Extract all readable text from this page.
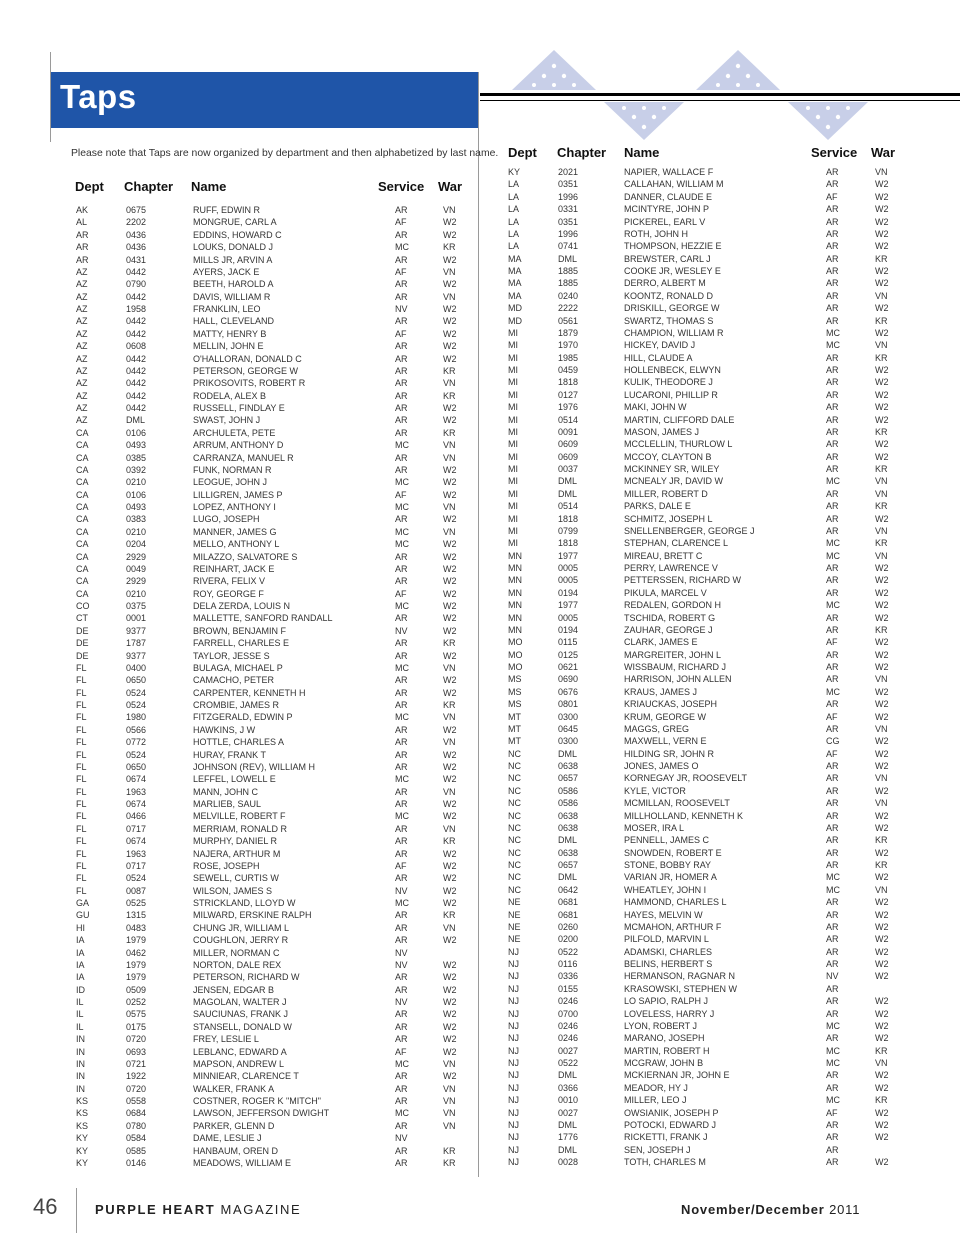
Taps
Please note that Taps are now organized by department and then alphabetized by last name.
Dept Chapter Name	Service War
AK	0675	RUFF, EDWIN R	AR	VN
AL	2202	MONGRUE, CARL A	AF	W2
AR	0436	EDDINS, HOWARD C	AR	W2
AR	0436	LOUKS, DONALD J	MC	KR
AR	0431	MILLS JR, ARVIN A	AR	W2
AZ	0442	AYERS, JACK E	AF	VN
AZ	0790	BEETH, HAROLD A	AR	W2
AZ	0442	DAVIS, WILLIAM R	AR	VN
AZ	1958	FRANKLIN, LEO	NV	W2
AZ	0442	HALL, CLEVELAND	AR	W2
AZ	0442	MATTY, HENRY B	AF	W2
AZ	0608	MELLIN, JOHN E	AR	W2
AZ	0442	O'HALLORAN, DONALD C	AR	W2
AZ	0442	PETERSON, GEORGE W	AR	KR
AZ	0442	PRIKOSOVITS, ROBERT R	AR	VN
AZ	0442	RODELA, ALEX B	AR	KR
AZ	0442	RUSSELL, FINDLAY E	AR	W2
AZ	DML	SWAST, JOHN J	AR	W2
CA	0106	ARCHULETA, PETE	AR	KR
CA	0493	ARRUM, ANTHONY D	MC	VN
CA	0385	CARRANZA, MANUEL R	AR	VN
CA	0392	FUNK, NORMAN R	AR	W2
CA	0210	LEOGUE, JOHN J	MC	W2
CA	0106	LILLIGREN, JAMES P	AF	W2
CA	0493	LOPEZ, ANTHONY I	MC	VN
CA	0383	LUGO, JOSEPH	AR	W2
CA	0210	MANNER, JAMES G	MC	VN
CA	0204	MELLO, ANTHONY L	MC	W2
CA	2929	MILAZZO, SALVATORE S	AR	W2
CA	0049	REINHART, JACK E	AR	W2
CA	2929	RIVERA, FELIX V	AR	W2
CA	0210	ROY, GEORGE F	AF	W2
CO	0375	DELA ZERDA, LOUIS N	MC	W2
CT	0001	MALLETTE, SANFORD RANDALL	AR	W2
DE	9377	BROWN, BENJAMIN F	NV	W2
DE	1787	FARRELL, CHARLES E	AR	KR
DE	9377	TAYLOR, JESSE S	AR	W2
FL	0400	BULAGA, MICHAEL P	MC	VN
FL	0650	CAMACHO, PETER	AR	W2
FL	0524	CARPENTER, KENNETH H	AR	W2
FL	0524	CROMBIE, JAMES R	AR	KR
FL	1980	FITZGERALD, EDWIN P	MC	VN
FL	0566	HAWKINS, J W	AR	W2
FL	0772	HOTTLE, CHARLES A	AR	VN
FL	0524	HURAY, FRANK T	AR	W2
FL	0650	JOHNSON (REV), WILLIAM H	AR	W2
FL	0674	LEFFEL, LOWELL E	MC	W2
FL	1963	MANN, JOHN C	AR	VN
FL	0674	MARLIEB, SAUL	AR	W2
FL	0466	MELVILLE, ROBERT F	MC	W2
FL	0717	MERRIAM, RONALD R	AR	VN
FL	0674	MURPHY, DANIEL R	AR	KR
FL	1963	NAJERA, ARTHUR M	AR	W2
FL	0717	ROSE, JOSEPH	AF	W2
FL	0524	SEWELL, CURTIS W	AR	W2
FL	0087	WILSON, JAMES S	NV	W2
GA	0525	STRICKLAND, LLOYD W	MC	W2
GU	1315	MILWARD, ERSKINE RALPH	AR	KR
HI	0483	CHUNG JR, WILLIAM L	AR	VN
IA	1979	COUGHLON, JERRY R	AR	W2
IA	0462	MILLER, NORMAN C	NV
IA	1979	NORTON, DALE REX	NV	W2
IA	1979	PETERSON, RICHARD W	AR	W2
ID	0509	JENSEN, EDGAR B	AR	W2
IL	0252	MAGOLAN, WALTER J	NV	W2
IL	0575	SAUCIUNAS, FRANK J	AR	W2
IL	0175	STANSELL, DONALD W	AR	W2
IN	0720	FREY, LESLIE L	AR	W2
IN	0693	LEBLANC, EDWARD A	AF	W2
IN	0721	MAPSON, ANDREW L	MC	VN
IN	1922	MINNIEAR, CLARENCE T	AR	W2
IN	0720	WALKER, FRANK A	AR	VN
KS	0558	COSTNER, ROGER K "MITCH"	AR	VN
KS	0684	LAWSON, JEFFERSON DWIGHT	MC	VN
KS	0780	PARKER, GLENN D	AR	VN
KY	0584	DAME, LESLIE J	NV
KY	0585	HANBAUM, OREN D	AR	KR
KY	0146	MEADOWS, WILLIAM E	AR	KR
Dept Chapter Name	Service War
KY	2021	NAPIER, WALLACE F	AR	VN
LA	0351	CALLAHAN, WILLIAM M	AR	W2
LA	1996	DANNER, CLAUDE E	AF	W2
LA	0331	MCINTYRE, JOHN P	AR	W2
LA	0351	PICKEREL, EARL V	AR	W2
LA	1996	ROTH, JOHN H	AR	W2
LA	0741	THOMPSON, HEZZIE E	AR	W2
MA	DML	BREWSTER, CARL J	AR	KR
MA	1885	COOKE JR, WESLEY E	AR	W2
MA	1885	DERRO, ALBERT M	AR	W2
MA	0240	KOONTZ, RONALD D	AR	VN
MD	2222	DRISKILL, GEORGE W	AR	W2
MD	0561	SWARTZ, THOMAS S	AR	KR
MI	1879	CHAMPION, WILLIAM R	MC	W2
MI	1970	HICKEY, DAVID J	MC	VN
MI	1985	HILL, CLAUDE A	AR	KR
MI	0459	HOLLENBECK, ELWYN	AR	W2
MI	1818	KULIK, THEODORE J	AR	W2
MI	0127	LUCARONI, PHILLIP R	AR	W2
MI	1976	MAKI, JOHN W	AR	W2
MI	0514	MARTIN, CLIFFORD DALE	AR	W2
MI	0091	MASON, JAMES J	AR	KR
MI	0609	MCCLELLIN, THURLOW L	AR	W2
MI	0609	MCCOY, CLAYTON B	AR	W2
MI	0037	MCKINNEY SR, WILEY	AR	KR
MI	DML	MCNEALY JR, DAVID W	MC	VN
MI	DML	MILLER, ROBERT D	AR	VN
MI	0514	PARKS, DALE E	AR	KR
MI	1818	SCHMITZ, JOSEPH L	AR	W2
MI	0799	SNELLENBERGER, GEORGE J	AR	VN
MI	1818	STEPHAN, CLARENCE L	MC	KR
MN	1977	MIREAU, BRETT C	MC	VN
MN	0005	PERRY, LAWRENCE V	AR	W2
MN	0005	PETTERSSEN, RICHARD W	AR	W2
MN	0194	PIKULA, MARCEL V	AR	W2
MN	1977	REDALEN, GORDON H	MC	W2
MN	0005	TSCHIDA, ROBERT G	AR	W2
MN	0194	ZAUHAR, GEORGE J	AR	KR
MO	0115	CLARK, JAMES E	AF	W2
MO	0125	MARGREITER, JOHN L	AR	W2
MO	0621	WISSBAUM, RICHARD J	AR	W2
MS	0690	HARRISON, JOHN ALLEN	AR	VN
MS	0676	KRAUS, JAMES J	MC	W2
MS	0801	KRIAUCKAS, JOSEPH	AR	W2
MT	0300	KRUM, GEORGE W	AF	W2
MT	0645	MAGGS, GREG	AR	VN
MT	0300	MAXWELL, VERN E	CG	W2
NC	DML	HILDING SR, JOHN R	AF	W2
NC	0638	JONES, JAMES O	AR	W2
NC	0657	KORNEGAY JR, ROOSEVELT	AR	VN
NC	0586	KYLE, VICTOR	AR	W2
NC	0586	MCMILLAN, ROOSEVELT	AR	VN
NC	0638	MILLHOLLAND, KENNETH K	AR	W2
NC	0638	MOSER, IRA L	AR	W2
NC	DML	PENNELL, JAMES C	AR	KR
NC	0638	SNOWDEN, ROBERT E	AR	W2
NC	0657	STONE, BOBBY RAY	AR	KR
NC	DML	VARIAN JR, HOMER A	MC	W2
NC	0642	WHEATLEY, JOHN I	MC	VN
NE	0681	HAMMOND, CHARLES L	AR	W2
NE	0681	HAYES, MELVIN W	AR	W2
NE	0260	MCMAHON, ARTHUR F	AR	W2
NE	0200	PILFOLD, MARVIN L	AR	W2
NJ	0522	ADAMSKI, CHARLES	AR	W2
NJ	0116	BELINS, HERBERT S	AR	W2
NJ	0336	HERMANSON, RAGNAR N	NV	W2
NJ	0155	KRASOWSKI, STEPHEN W	AR
NJ	0246	LO SAPIO, RALPH J	AR	W2
NJ	0700	LOVELESS, HARRY J	AR	W2
NJ	0246	LYON, ROBERT J	MC	W2
NJ	0246	MARANO, JOSEPH	AR	W2
NJ	0027	MARTIN, ROBERT H	MC	KR
NJ	0522	MCGRAW, JOHN B	MC	VN
NJ	DML	MCKIERNAN JR, JOHN E	AR	W2
NJ	0366	MEADOR, HY J	AR	W2
NJ	0010	MILLER, LEO J	MC	KR
NJ	0027	OWSIANIK, JOSEPH P	AF	W2
NJ	DML	POTOCKI, EDWARD J	AR	W2
NJ	1776	RICKETTI, FRANK J	AR	W2
NJ	DML	SEN, JOSEPH J	AR
NJ	0028	TOTH, CHARLES M	AR	W2
46	PURPLE HEART MAGAZINE	November/December 2011
